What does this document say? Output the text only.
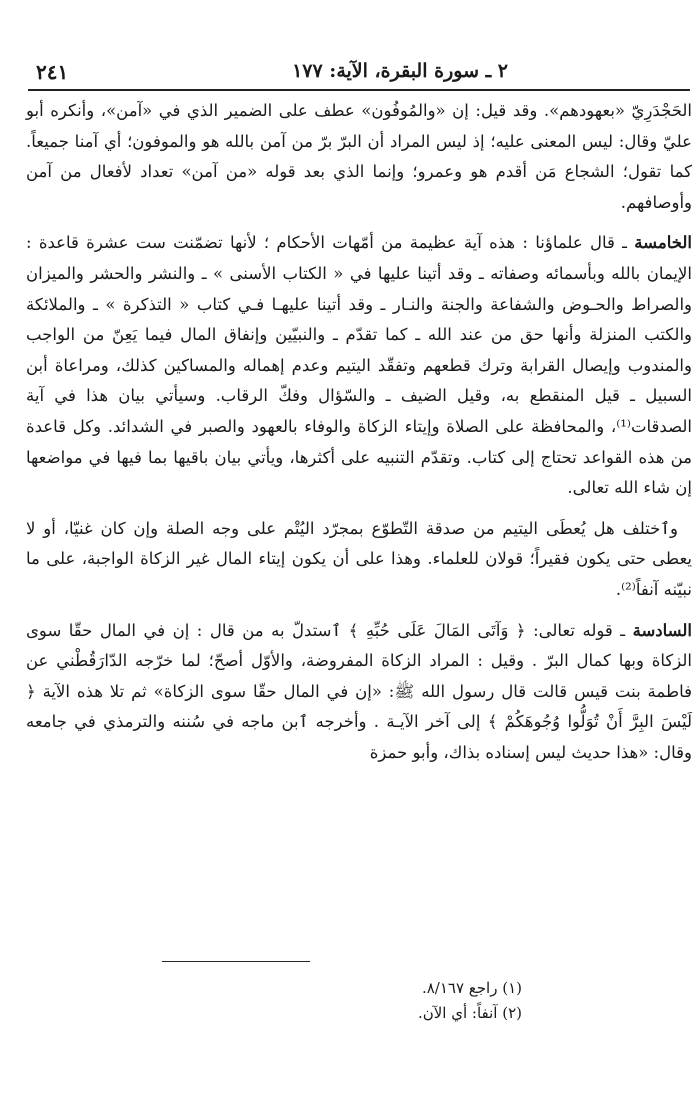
٢ ـ سورة البقرة، الآية: ١٧٧
٢٤١

الحَجْدَرِيّ «بعهودهم». وقد قيل: إن «والمُوفُون» عطف على الضمير الذي في «آمن»، وأنكره أبو عليّ وقال: ليس المعنى عليه؛ إذ ليس المراد أن البرّ برّ من آمن بالله هو والموفون؛ أي آمنا جميعاً. كما تقول؛ الشجاع مَن أقدم هو وعمرو؛ وإنما الذي بعد قوله «من آمن» تعداد لأفعال من آمن وأوصافهم.

الخامسة ـ قال علماؤنا : هذه آية عظيمة من أمّهات الأحكام ؛ لأنها تضمّنت ست عشرة قاعدة : الإيمان بالله وبأسمائه وصفاته ـ وقد أتينا عليها في « الكتاب الأسنى » ـ والنشر والحشر والميزان والصراط والحـوض والشفاعة والجنة والنـار ـ وقد أتينا عليهـا فـي كتاب « التذكرة » ـ والملائكة والكتب المنزلة وأنها حق من عند الله ـ كما تقدّم ـ والنبيّين وإنفاق المال فيما يَعِنّ من الواجب والمندوب وإيصال القرابة وترك قطعهم وتفقّد اليتيم وعدم إهماله والمساكين كذلك، ومراعاة أبن السبيل ـ قيل المنقطع به، وقيل الضيف ـ والسّؤال وفكّ الرقاب. وسيأتي بيان هذا في آية الصدقات⁽¹⁾، والمحافظة على الصلاة وإيتاء الزكاة والوفاء بالعهود والصبر في الشدائد. وكل قاعدة من هذه القواعد تحتاج إلى كتاب. وتقدّم التنبيه على أكثرها، ويأتي بيان باقيها بما فيها في مواضعها إن شاء الله تعالى.

وٱختلف هل يُعطَى اليتيم من صدقة التّطوّع بمجرّد اليُتْم على وجه الصلة وإن كان غنيّا، أو لا يعطى حتى يكون فقيراً؛ قولان للعلماء. وهذا على أن يكون إيتاء المال غير الزكاة الواجبة، على ما نبيّنه آنفاً⁽²⁾.

السادسة ـ قوله تعالى: ﴿ وَآتَى المَالَ عَلَى حُبِّهِ ﴾ ٱستدلّ به من قال : إن في المال حقّا سوى الزكاة وبها كمال البرّ . وقيل : المراد الزكاة المفروضة، والأوّل أصحّ؛ لما خرّجه الدّارَقُطْني عن فاطمة بنت قيس قالت قال رسول الله ﷺ: «إن في المال حقّا سوى الزكاة» ثم تلا هذه الآية ﴿ لَيْسَ البِرَّ أَنْ تُوَلُّوا وُجُوهَكُمْ ﴾ إلى آخر الآيـة . وأخرجه ٱبن ماجه في سُننه والترمذي في جامعه وقال: «هذا حديث ليس إسناده بذاك، وأبو حمزة

(١) راجع ٨/١٦٧.
(٢) آنفاً: أي الآن.
